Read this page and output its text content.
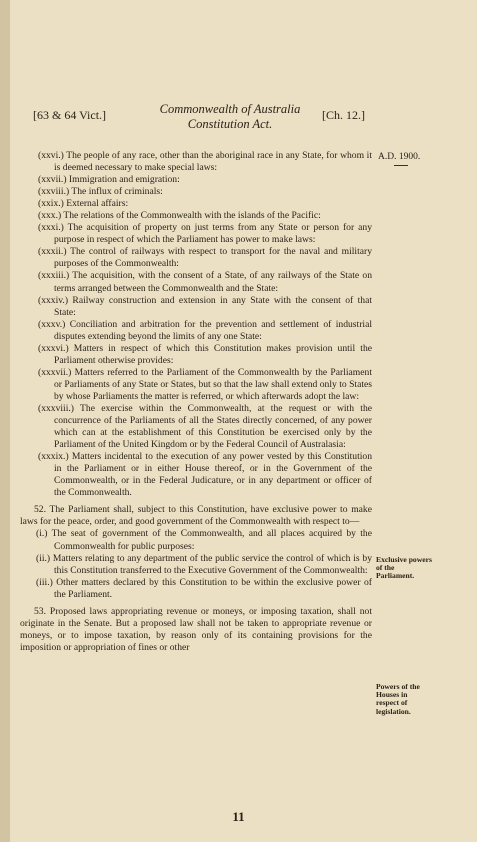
[63 & 64 Vict.]	Commonwealth of Australia
Constitution Act.
[Ch. 12.]
A.D. 1900.

(xxvi.) The people of any race, other than the aboriginal race in any State, for whom it is deemed necessary to make special laws:

(xxvii.) Immigration and emigration:

(xxviii.) The influx of criminals:

(xxix.) External affairs:

(xxx.) The relations of the Commonwealth with the islands of the Pacific:

(xxxi.) The acquisition of property on just terms from any State or person for any purpose in respect of which the Parliament has power to make laws:

(xxxii.) The control of railways with respect to transport for the naval and military purposes of the Commonwealth:

(xxxiii.) The acquisition, with the consent of a State, of any railways of the State on terms arranged between the Commonwealth and the State:

(xxxiv.) Railway construction and extension in any State with the consent of that State:

(xxxv.) Conciliation and arbitration for the prevention and settlement of industrial disputes extending beyond the limits of any one State:

(xxxvi.) Matters in respect of which this Constitution makes provision until the Parliament otherwise provides:

(xxxvii.) Matters referred to the Parliament of the Commonwealth by the Parliament or Parliaments of any State or States, but so that the law shall extend only to States by whose Parliaments the matter is referred, or which afterwards adopt the law:

(xxxviii.) The exercise within the Commonwealth, at the request or with the concurrence of the Parliaments of all the States directly concerned, of any power which can at the establishment of this Constitution be exercised only by the Parliament of the United Kingdom or by the Federal Council of Australasia:

(xxxix.) Matters incidental to the execution of any power vested by this Constitution in the Parliament or in either House thereof, or in the Government of the Commonwealth, or in the Federal Judicature, or in any department or officer of the Commonwealth.

52. The Parliament shall, subject to this Constitution, have exclusive power to make laws for the peace, order, and good government of the Commonwealth with respect to—

(i.) The seat of government of the Commonwealth, and all places acquired by the Commonwealth for public purposes:

(ii.) Matters relating to any department of the public service the control of which is by this Constitution transferred to the Executive Government of the Commonwealth:

(iii.) Other matters declared by this Constitution to be within the exclusive power of the Parliament.

53. Proposed laws appropriating revenue or moneys, or imposing taxation, shall not originate in the Senate. But a proposed law shall not be taken to appropriate revenue or moneys, or to impose taxation, by reason only of its containing provisions for the imposition or appropriation of fines or other

Exclusive powers of the Parliament.
Powers of the Houses in respect of legislation.
11
